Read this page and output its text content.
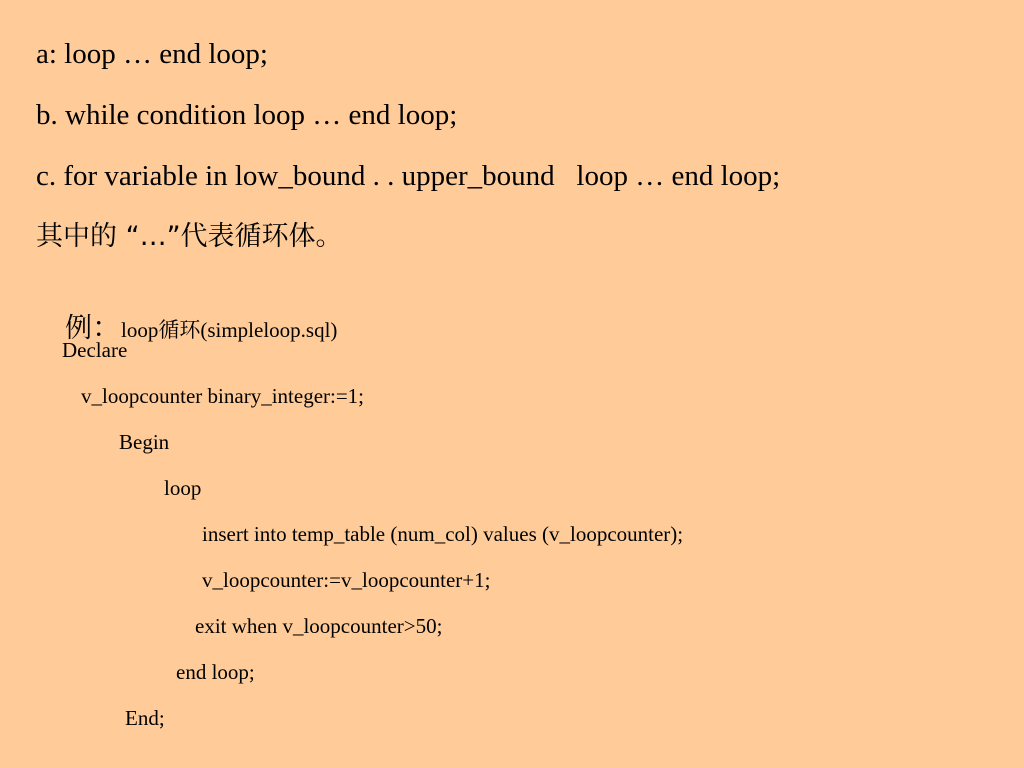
a: loop … end loop;
b. while condition loop … end loop;
c. for variable in low_bound . . upper_bound   loop … end loop;
其中的 “…”代表循环体。

例：loop循环(simpleloop.sql)

Declare
v_loopcounter binary_integer:=1;
Begin
loop
insert into temp_table (num_col) values (v_loopcounter);
v_loopcounter:=v_loopcounter+1;
exit when v_loopcounter>50;
end loop;
End;
